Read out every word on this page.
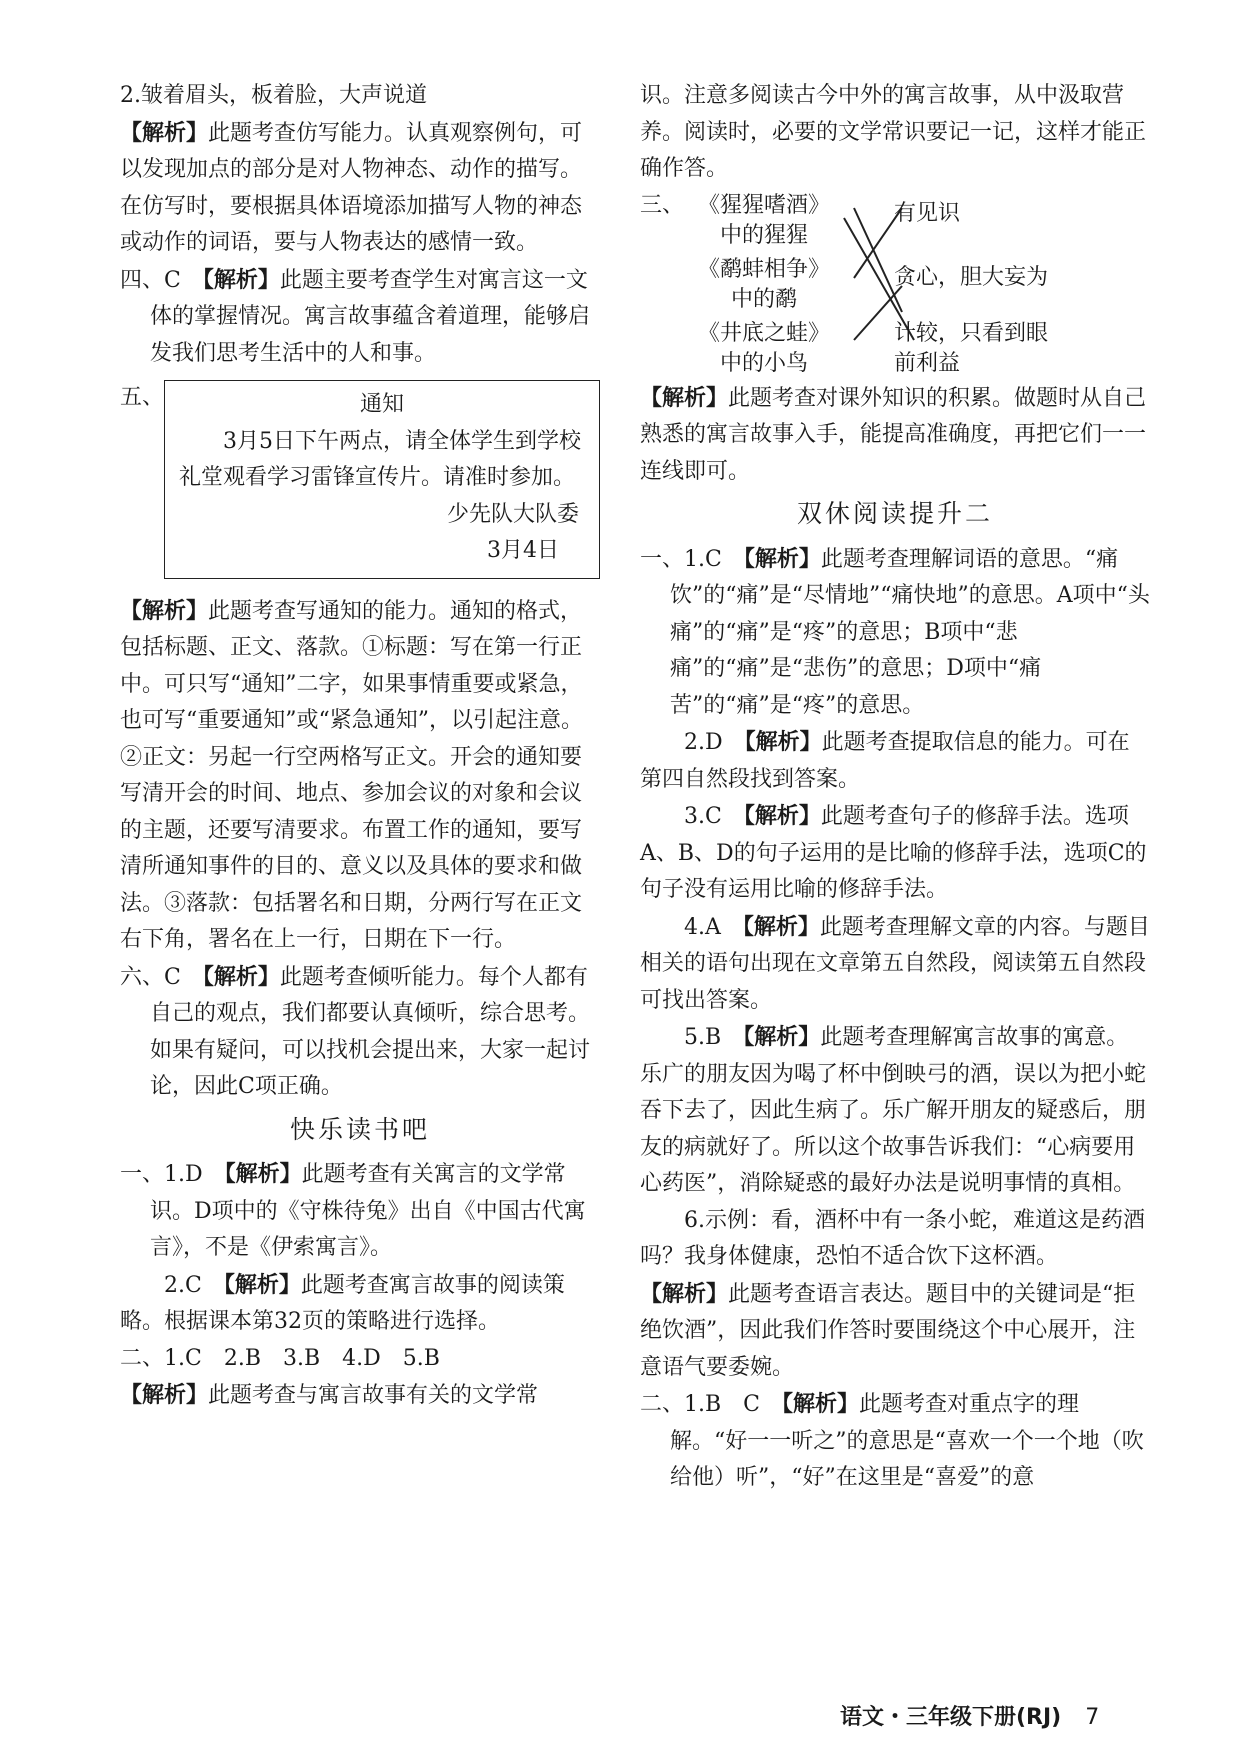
2.皱着眉头，板着脸，大声说道

【解析】此题考查仿写能力。认真观察例句，可以发现加点的部分是对人物神态、动作的描写。在仿写时，要根据具体语境添加描写人物的神态或动作的词语，要与人物表达的感情一致。

四、C　 【解析】此题主要考查学生对寓言这一文体的掌握情况。寓言故事蕴含着道理，能够启发我们思考生活中的人和事。

五、	通知
3月5日下午两点，请全体学生到学校礼堂观看学习雷锋宣传片。请准时参加。
少先队大队委
3月4日

【解析】此题考查写通知的能力。通知的格式，包括标题、正文、落款。①标题：写在第一行正中。可只写“通知”二字，如果事情重要或紧急，也可写“重要通知”或“紧急通知”，以引起注意。②正文：另起一行空两格写正文。开会的通知要写清开会的时间、地点、参加会议的对象和会议的主题，还要写清要求。布置工作的通知，要写清所通知事件的目的、意义以及具体的要求和做法。③落款：包括署名和日期，分两行写在正文右下角，署名在上一行，日期在下一行。

六、C　 【解析】此题考查倾听能力。每个人都有自己的观点，我们都要认真倾听，综合思考。如果有疑问，可以找机会提出来，大家一起讨论，因此C项正确。

快乐读书吧

一、1.D　 【解析】此题考查有关寓言的文学常识。D项中的《守株待兔》出自《中国古代寓言》，不是《伊索寓言》。

2.C　 【解析】此题考查寓言故事的阅读策略。根据课本第32页的策略进行选择。

二、1.C　2.B　3.B　4.D　5.B

【解析】此题考查与寓言故事有关的文学常

识。注意多阅读古今中外的寓言故事，从中汲取营养。阅读时，必要的文学常识要记一记，这样才能正确作答。

三、 《猩猩嗜酒》
中的猩猩
《鹬蚌相争》
中的鹬
《井底之蛙》
中的小鸟
有见识
贪心，胆大妄为
计较，只看到眼
前利益

【解析】此题考查对课外知识的积累。做题时从自己熟悉的寓言故事入手，能提高准确度，再把它们一一连线即可。

双休阅读提升二

一、1.C　 【解析】此题考查理解词语的意思。“痛饮”的“痛”是“尽情地”“痛快地”的意思。A项中“头痛”的“痛”是“疼”的意思；B项中“悲痛”的“痛”是“悲伤”的意思；D项中“痛苦”的“痛”是“疼”的意思。

2.D　 【解析】此题考查提取信息的能力。可在第四自然段找到答案。

3.C　 【解析】此题考查句子的修辞手法。选项A、B、D的句子运用的是比喻的修辞手法，选项C的句子没有运用比喻的修辞手法。

4.A　 【解析】此题考查理解文章的内容。与题目相关的语句出现在文章第五自然段，阅读第五自然段可找出答案。

5.B　 【解析】此题考查理解寓言故事的寓意。乐广的朋友因为喝了杯中倒映弓的酒，误以为把小蛇吞下去了，因此生病了。乐广解开朋友的疑惑后，朋友的病就好了。所以这个故事告诉我们：“心病要用心药医”，消除疑惑的最好办法是说明事情的真相。

6.示例：看，酒杯中有一条小蛇，难道这是药酒吗？我身体健康，恐怕不适合饮下这杯酒。

【解析】此题考查语言表达。题目中的关键词是“拒绝饮酒”，因此我们作答时要围绕这个中心展开，注意语气要委婉。

二、1.B　C　 【解析】此题考查对重点字的理解。“好一一听之”的意思是“喜欢一个一个地（吹给他）听”，“好”在这里是“喜爱”的意

语文・三年级下册(RJ) 7
